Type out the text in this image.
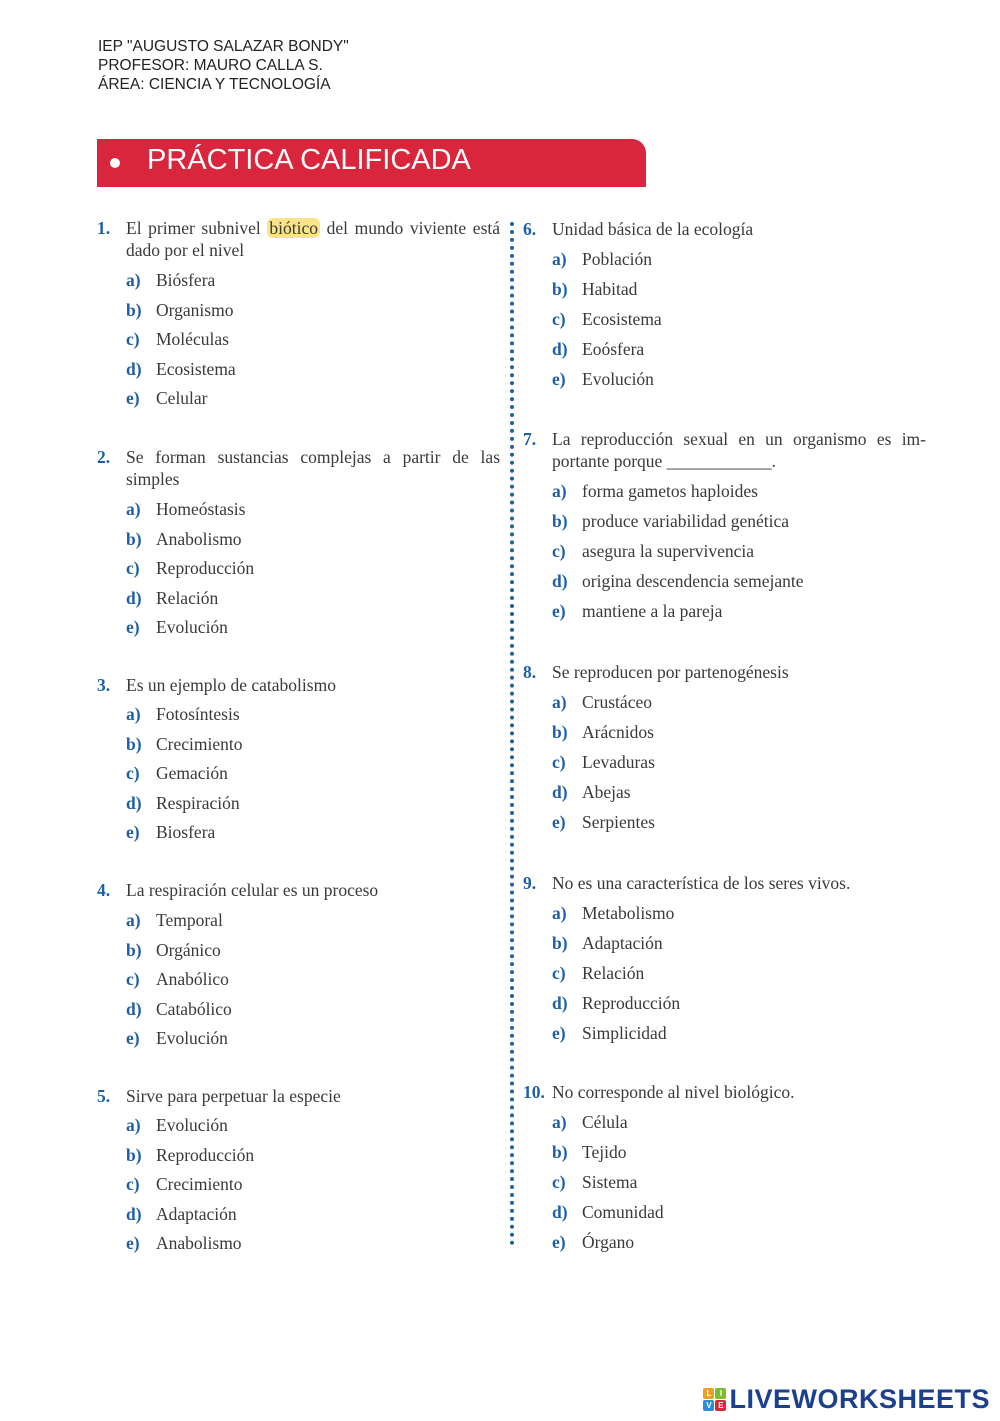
IEP "AUGUSTO SALAZAR BONDY"
PROFESOR: MAURO CALLA S.
ÁREA: CIENCIA Y TECNOLOGÍA
PRÁCTICA CALIFICADA
1. El primer subnivel biótico del mundo viviente está dado por el nivel
a) Biósfera
b) Organismo
c) Moléculas
d) Ecosistema
e) Celular
2. Se forman sustancias complejas a partir de las simples
a) Homeóstasis
b) Anabolismo
c) Reproducción
d) Relación
e) Evolución
3. Es un ejemplo de catabolismo
a) Fotosíntesis
b) Crecimiento
c) Gemación
d) Respiración
e) Biosfera
4. La respiración celular es un proceso
a) Temporal
b) Orgánico
c) Anabólico
d) Catabólico
e) Evolución
5. Sirve para perpetuar la especie
a) Evolución
b) Reproducción
c) Crecimiento
d) Adaptación
e) Anabolismo
6. Unidad básica de la ecología
a) Población
b) Habitad
c) Ecosistema
d) Eoósfera
e) Evolución
7. La reproducción sexual en un organismo es im-portante porque ____________.
a) forma gametos haploides
b) produce variabilidad genética
c) asegura la supervivencia
d) origina descendencia semejante
e) mantiene a la pareja
8. Se reproducen por partenogénesis
a) Crustáceo
b) Arácnidos
c) Levaduras
d) Abejas
e) Serpientes
9. No es una característica de los seres vivos.
a) Metabolismo
b) Adaptación
c) Relación
d) Reproducción
e) Simplicidad
10. No corresponde al nivel biológico.
a) Célula
b) Tejido
c) Sistema
d) Comunidad
e) Órgano
L	I
V E LIVEWORKSHEETS
